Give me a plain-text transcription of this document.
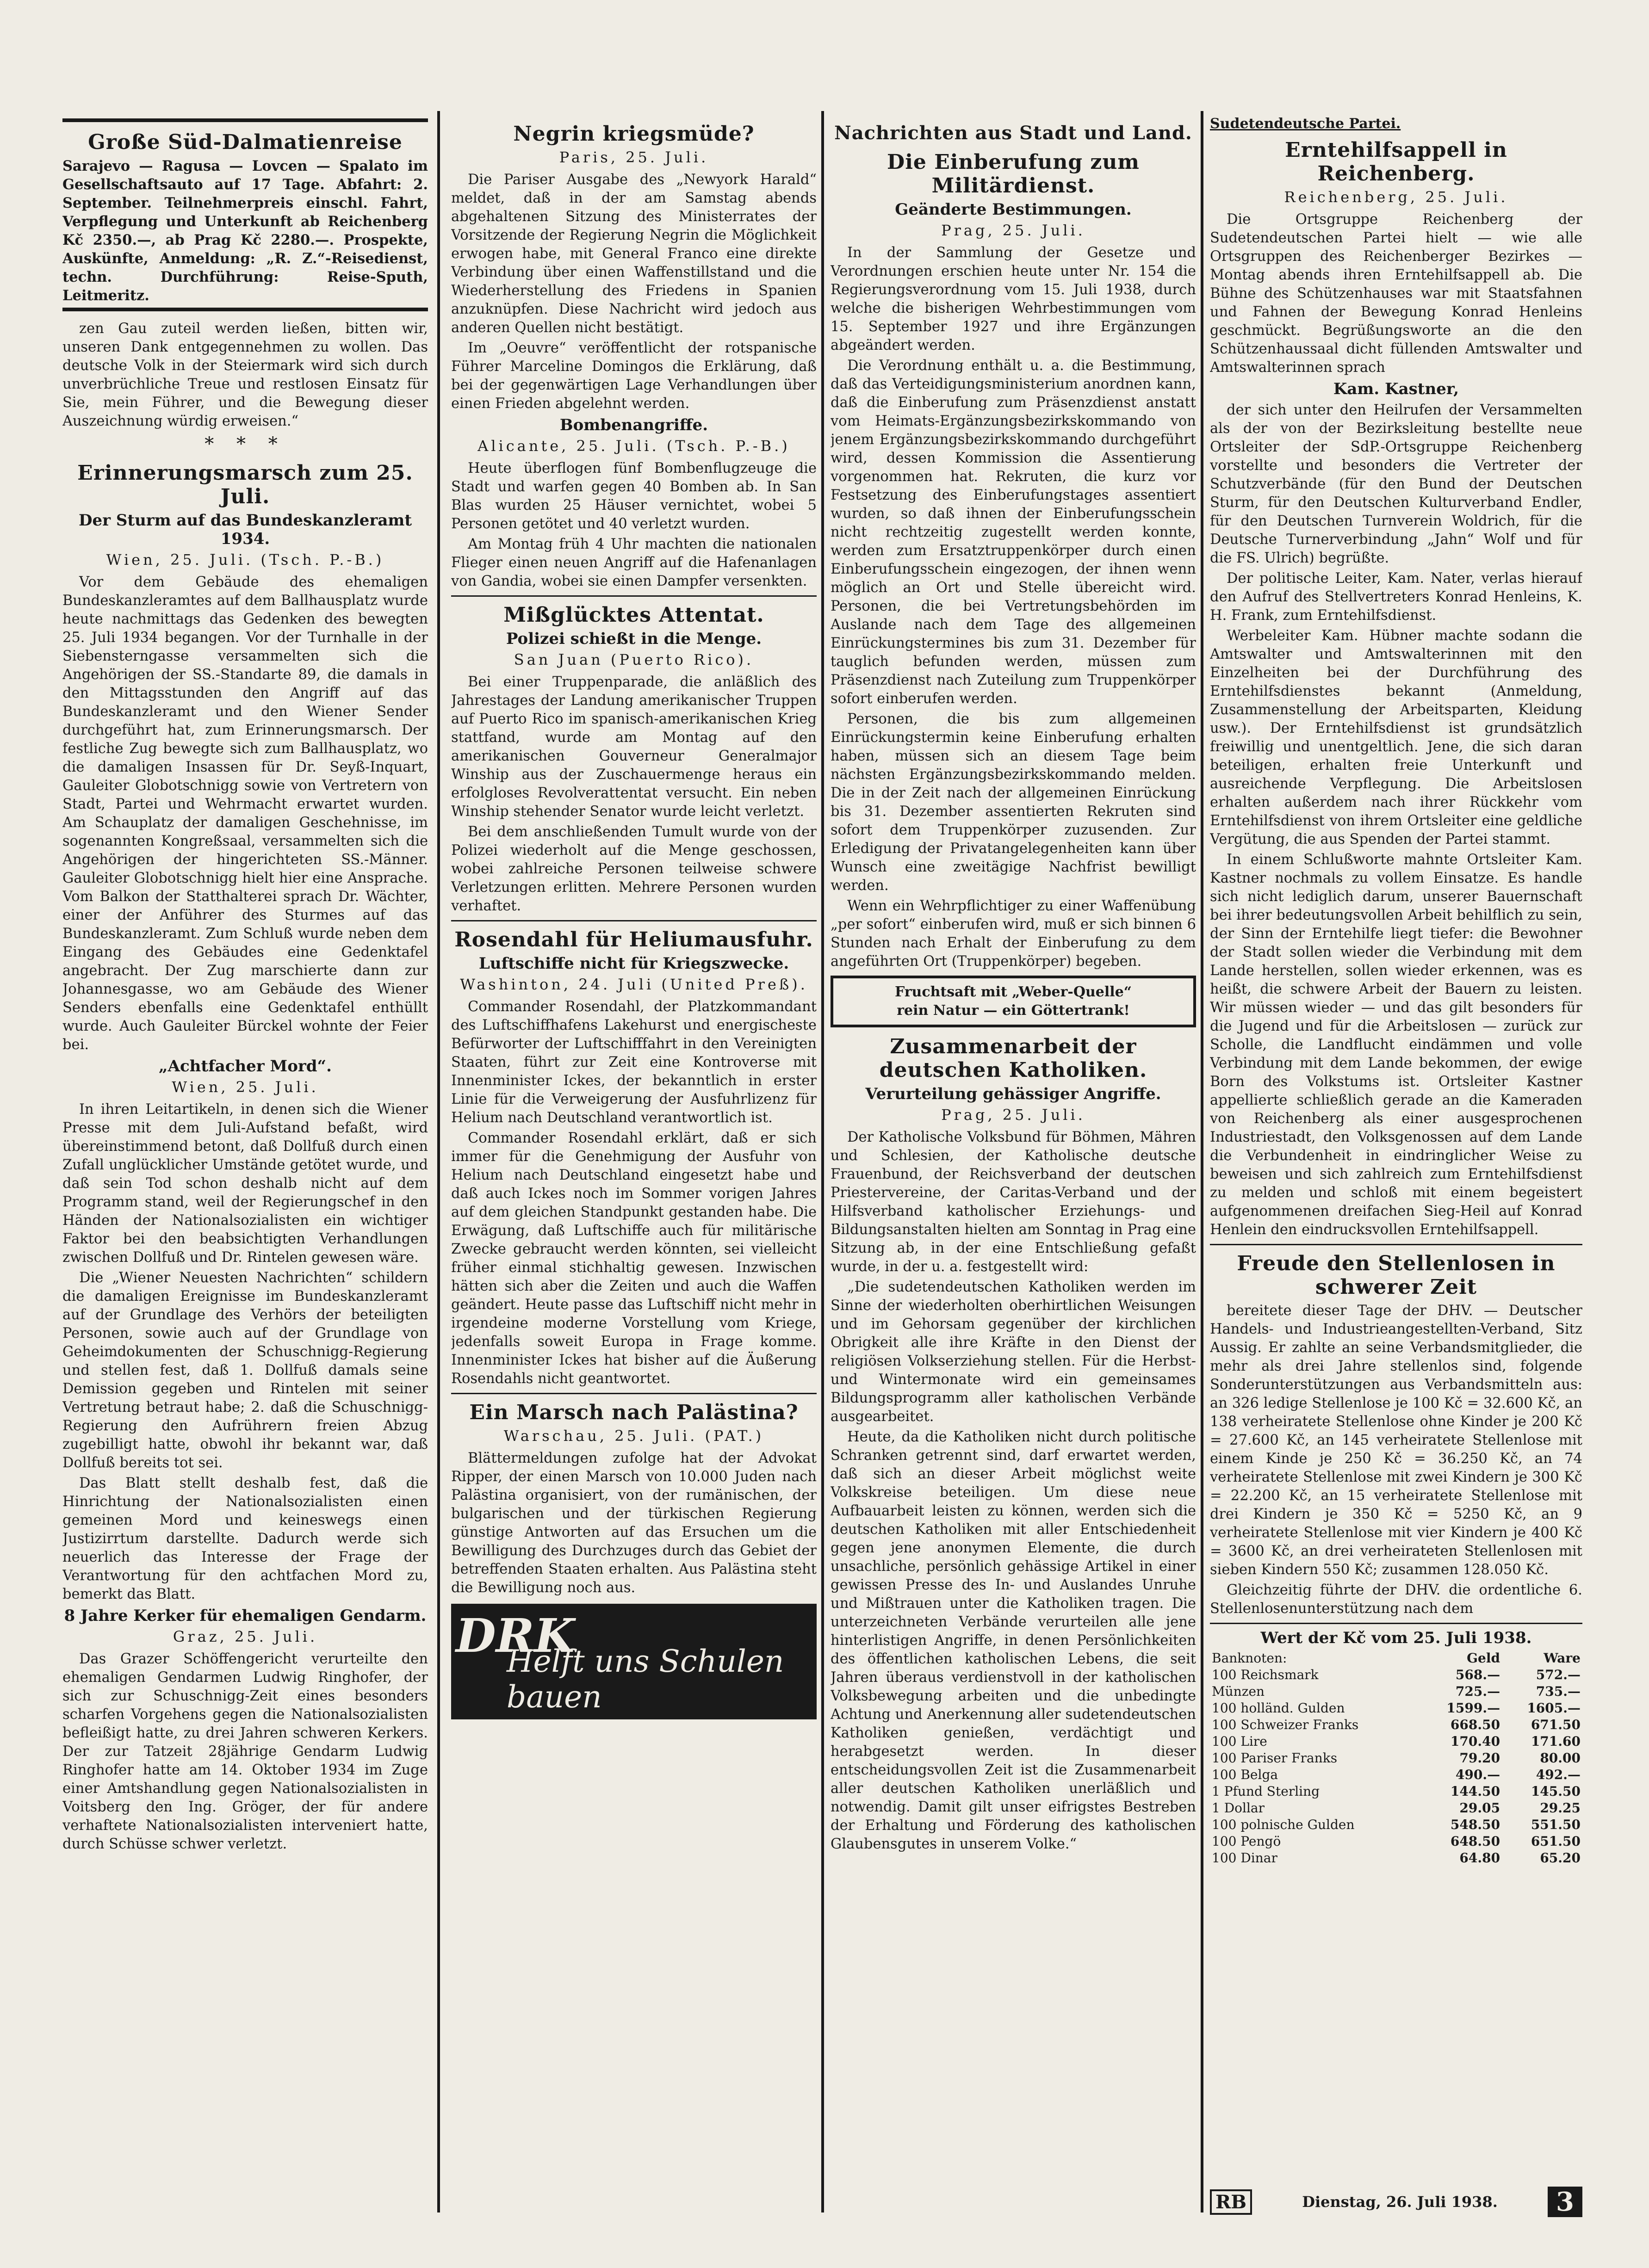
Große Süd-Dalmatienreise

Sarajevo — Ragusa — Lovcen — Spalato im Gesellschaftsauto auf 17 Tage. Abfahrt: 2. September. Teilnehmerpreis einschl. Fahrt, Verpflegung und Unterkunft ab Reichenberg Kč 2350.—, ab Prag Kč 2280.—. Prospekte, Auskünfte, Anmeldung: „R. Z.“-Reisedienst, techn. Durchführung: Reise-Sputh, Leitmeritz.

zen Gau zuteil werden ließen, bitten wir, unseren Dank entgegennehmen zu wollen. Das deutsche Volk in der Steiermark wird sich durch unverbrüchliche Treue und restlosen Einsatz für Sie, mein Führer, und die Bewegung dieser Auszeichnung würdig erweisen.“

* * *
Erinnerungsmarsch zum 25. Juli.
Der Sturm auf das Bundeskanzleramt 1934.
Wien, 25. Juli. (Tsch. P.-B.)

Vor dem Gebäude des ehemaligen Bundeskanzleramtes auf dem Ballhausplatz wurde heute nachmittags das Gedenken des bewegten 25. Juli 1934 begangen. Vor der Turnhalle in der Siebensterngasse versammelten sich die Angehörigen der SS.-Standarte 89, die damals in den Mittagsstunden den Angriff auf das Bundeskanzleramt und den Wiener Sender durchgeführt hat, zum Erinnerungsmarsch. Der festliche Zug bewegte sich zum Ballhausplatz, wo die damaligen Insassen für Dr. Seyß-Inquart, Gauleiter Globotschnigg sowie von Vertretern von Stadt, Partei und Wehrmacht erwartet wurden. Am Schauplatz der damaligen Geschehnisse, im sogenannten Kongreßsaal, versammelten sich die Angehörigen der hingerichteten SS.-Männer. Gauleiter Globotschnigg hielt hier eine Ansprache. Vom Balkon der Statthalterei sprach Dr. Wächter, einer der Anführer des Sturmes auf das Bundeskanzleramt. Zum Schluß wurde neben dem Eingang des Gebäudes eine Gedenktafel angebracht. Der Zug marschierte dann zur Johannesgasse, wo am Gebäude des Wiener Senders ebenfalls eine Gedenktafel enthüllt wurde. Auch Gauleiter Bürckel wohnte der Feier bei.

„Achtfacher Mord“.
Wien, 25. Juli.

In ihren Leitartikeln, in denen sich die Wiener Presse mit dem Juli-Aufstand befaßt, wird übereinstimmend betont, daß Dollfuß durch einen Zufall unglücklicher Umstände getötet wurde, und daß sein Tod schon deshalb nicht auf dem Programm stand, weil der Regierungschef in den Händen der Nationalsozialisten ein wichtiger Faktor bei den beabsichtigten Verhandlungen zwischen Dollfuß und Dr. Rintelen gewesen wäre.

Die „Wiener Neuesten Nachrichten“ schildern die damaligen Ereignisse im Bundeskanzleramt auf der Grundlage des Verhörs der beteiligten Personen, sowie auch auf der Grundlage von Geheimdokumenten der Schuschnigg-Regierung und stellen fest, daß 1. Dollfuß damals seine Demission gegeben und Rintelen mit seiner Vertretung betraut habe; 2. daß die Schuschnigg-Regierung den Aufrührern freien Abzug zugebilligt hatte, obwohl ihr bekannt war, daß Dollfuß bereits tot sei.

Das Blatt stellt deshalb fest, daß die Hinrichtung der Nationalsozialisten einen gemeinen Mord und keineswegs einen Justizirrtum darstellte. Dadurch werde sich neuerlich das Interesse der Frage der Verantwortung für den achtfachen Mord zu, bemerkt das Blatt.

8 Jahre Kerker für ehemaligen Gendarm.
Graz, 25. Juli.

Das Grazer Schöffengericht verurteilte den ehemaligen Gendarmen Ludwig Ringhofer, der sich zur Schuschnigg-Zeit eines besonders scharfen Vorgehens gegen die Nationalsozialisten befleißigt hatte, zu drei Jahren schweren Kerkers. Der zur Tatzeit 28jährige Gendarm Ludwig Ringhofer hatte am 14. Oktober 1934 im Zuge einer Amtshandlung gegen Nationalsozialisten in Voitsberg den Ing. Gröger, der für andere verhaftete Nationalsozialisten interveniert hatte, durch Schüsse schwer verletzt.

Negrin kriegsmüde?
Paris, 25. Juli.

Die Pariser Ausgabe des „Newyork Harald“ meldet, daß in der am Samstag abends abgehaltenen Sitzung des Ministerrates der Vorsitzende der Regierung Negrin die Möglichkeit erwogen habe, mit General Franco eine direkte Verbindung über einen Waffenstillstand und die Wiederherstellung des Friedens in Spanien anzuknüpfen. Diese Nachricht wird jedoch aus anderen Quellen nicht bestätigt.

Im „Oeuvre“ veröffentlicht der rotspanische Führer Marceline Domingos die Erklärung, daß bei der gegenwärtigen Lage Verhandlungen über einen Frieden abgelehnt werden.

Bombenangriffe.
Alicante, 25. Juli. (Tsch. P.-B.)

Heute überflogen fünf Bombenflugzeuge die Stadt und warfen gegen 40 Bomben ab. In San Blas wurden 25 Häuser vernichtet, wobei 5 Personen getötet und 40 verletzt wurden.

Am Montag früh 4 Uhr machten die nationalen Flieger einen neuen Angriff auf die Hafenanlagen von Gandia, wobei sie einen Dampfer versenkten.

Mißglücktes Attentat.
Polizei schießt in die Menge.
San Juan (Puerto Rico).

Bei einer Truppenparade, die anläßlich des Jahrestages der Landung amerikanischer Truppen auf Puerto Rico im spanisch-amerikanischen Krieg stattfand, wurde am Montag auf den amerikanischen Gouverneur Generalmajor Winship aus der Zuschauermenge heraus ein erfolgloses Revolverattentat versucht. Ein neben Winship stehender Senator wurde leicht verletzt.

Bei dem anschließenden Tumult wurde von der Polizei wiederholt auf die Menge geschossen, wobei zahlreiche Personen teilweise schwere Verletzungen erlitten. Mehrere Personen wurden verhaftet.

Rosendahl für Heliumausfuhr.
Luftschiffe nicht für Kriegszwecke.
Washinton, 24. Juli (United Preß).

Commander Rosendahl, der Platzkommandant des Luftschiffhafens Lakehurst und energischeste Befürworter der Luftschifffahrt in den Vereinigten Staaten, führt zur Zeit eine Kontroverse mit Innenminister Ickes, der bekanntlich in erster Linie für die Verweigerung der Ausfuhrlizenz für Helium nach Deutschland verantwortlich ist.

Commander Rosendahl erklärt, daß er sich immer für die Genehmigung der Ausfuhr von Helium nach Deutschland eingesetzt habe und daß auch Ickes noch im Sommer vorigen Jahres auf dem gleichen Standpunkt gestanden habe. Die Erwägung, daß Luftschiffe auch für militärische Zwecke gebraucht werden könnten, sei vielleicht früher einmal stichhaltig gewesen. Inzwischen hätten sich aber die Zeiten und auch die Waffen geändert. Heute passe das Luftschiff nicht mehr in irgendeine moderne Vorstellung vom Kriege, jedenfalls soweit Europa in Frage komme. Innenminister Ickes hat bisher auf die Äußerung Rosendahls nicht geantwortet.

Ein Marsch nach Palästina?
Warschau, 25. Juli. (PAT.)

Blättermeldungen zufolge hat der Advokat Ripper, der einen Marsch von 10.000 Juden nach Palästina organisiert, von der rumänischen, der bulgarischen und der türkischen Regierung günstige Antworten auf das Ersuchen um die Bewilligung des Durchzuges durch das Gebiet der betreffenden Staaten erhalten. Aus Palästina steht die Bewilligung noch aus.

DRK
Helft uns Schulen bauen
Nachrichten aus Stadt und Land.
Die Einberufung zum Militärdienst.
Geänderte Bestimmungen.
Prag, 25. Juli.

In der Sammlung der Gesetze und Verordnungen erschien heute unter Nr. 154 die Regierungsverordnung vom 15. Juli 1938, durch welche die bisherigen Wehrbestimmungen vom 15. September 1927 und ihre Ergänzungen abgeändert werden.

Die Verordnung enthält u. a. die Bestimmung, daß das Verteidigungsministerium anordnen kann, daß die Einberufung zum Präsenzdienst anstatt vom Heimats-Ergänzungsbezirkskommando von jenem Ergänzungsbezirkskommando durchgeführt wird, dessen Kommission die Assentierung vorgenommen hat. Rekruten, die kurz vor Festsetzung des Einberufungstages assentiert wurden, so daß ihnen der Einberufungsschein nicht rechtzeitig zugestellt werden konnte, werden zum Ersatztruppenkörper durch einen Einberufungsschein eingezogen, der ihnen wenn möglich an Ort und Stelle übereicht wird. Personen, die bei Vertretungsbehörden im Auslande nach dem Tage des allgemeinen Einrückungstermines bis zum 31. Dezember für tauglich befunden werden, müssen zum Präsenzdienst nach Zuteilung zum Truppenkörper sofort einberufen werden.

Personen, die bis zum allgemeinen Einrückungstermin keine Einberufung erhalten haben, müssen sich an diesem Tage beim nächsten Ergänzungsbezirkskommando melden. Die in der Zeit nach der allgemeinen Einrückung bis 31. Dezember assentierten Rekruten sind sofort dem Truppenkörper zuzusenden. Zur Erledigung der Privatangelegenheiten kann über Wunsch eine zweitägige Nachfrist bewilligt werden.

Wenn ein Wehrpflichtiger zu einer Waffenübung „per sofort“ einberufen wird, muß er sich binnen 6 Stunden nach Erhalt der Einberufung zu dem angeführten Ort (Truppenkörper) begeben.

Fruchtsaft mit „Weber-Quelle“
rein Natur — ein Göttertrank!
Zusammenarbeit der deutschen Katholiken.
Verurteilung gehässiger Angriffe.
Prag, 25. Juli.

Der Katholische Volksbund für Böhmen, Mähren und Schlesien, der Katholische deutsche Frauenbund, der Reichsverband der deutschen Priestervereine, der Caritas-Verband und der Hilfsverband katholischer Erziehungs- und Bildungsanstalten hielten am Sonntag in Prag eine Sitzung ab, in der eine Entschließung gefaßt wurde, in der u. a. festgestellt wird:

„Die sudetendeutschen Katholiken werden im Sinne der wiederholten oberhirtlichen Weisungen und im Gehorsam gegenüber der kirchlichen Obrigkeit alle ihre Kräfte in den Dienst der religiösen Volkserziehung stellen. Für die Herbst- und Wintermonate wird ein gemeinsames Bildungsprogramm aller katholischen Verbände ausgearbeitet.

Heute, da die Katholiken nicht durch politische Schranken getrennt sind, darf erwartet werden, daß sich an dieser Arbeit möglichst weite Volkskreise beteiligen. Um diese neue Aufbauarbeit leisten zu können, werden sich die deutschen Katholiken mit aller Entschiedenheit gegen jene anonymen Elemente, die durch unsachliche, persönlich gehässige Artikel in einer gewissen Presse des In- und Auslandes Unruhe und Mißtrauen unter die Katholiken tragen. Die unterzeichneten Verbände verurteilen alle jene hinterlistigen Angriffe, in denen Persönlichkeiten des öffentlichen katholischen Lebens, die seit Jahren überaus verdienstvoll in der katholischen Volksbewegung arbeiten und die unbedingte Achtung und Anerkennung aller sudetendeutschen Katholiken genießen, verdächtigt und herabgesetzt werden. In dieser entscheidungsvollen Zeit ist die Zusammenarbeit aller deutschen Katholiken unerläßlich und notwendig. Damit gilt unser eifrigstes Bestreben der Erhaltung und Förderung des katholischen Glaubensgutes in unserem Volke.“

Sudetendeutsche Partei.
Erntehilfsappell in Reichenberg.
Reichenberg, 25. Juli.

Die Ortsgruppe Reichenberg der Sudetendeutschen Partei hielt — wie alle Ortsgruppen des Reichenberger Bezirkes — Montag abends ihren Erntehilfsappell ab. Die Bühne des Schützenhauses war mit Staatsfahnen und Fahnen der Bewegung Konrad Henleins geschmückt. Begrüßungsworte an die den Schützenhaussaal dicht füllenden Amtswalter und Amtswalterinnen sprach

Kam. Kastner,

der sich unter den Heilrufen der Versammelten als der von der Bezirksleitung bestellte neue Ortsleiter der SdP.-Ortsgruppe Reichenberg vorstellte und besonders die Vertreter der Schutzverbände (für den Bund der Deutschen Sturm, für den Deutschen Kulturverband Endler, für den Deutschen Turnverein Woldrich, für die Deutsche Turnerverbindung „Jahn“ Wolf und für die FS. Ulrich) begrüßte.

Der politische Leiter, Kam. Nater, verlas hierauf den Aufruf des Stellvertreters Konrad Henleins, K. H. Frank, zum Erntehilfsdienst.

Werbeleiter Kam. Hübner machte sodann die Amtswalter und Amtswalterinnen mit den Einzelheiten bei der Durchführung des Erntehilfsdienstes bekannt (Anmeldung, Zusammenstellung der Arbeitsparten, Kleidung usw.). Der Erntehilfsdienst ist grundsätzlich freiwillig und unentgeltlich. Jene, die sich daran beteiligen, erhalten freie Unterkunft und ausreichende Verpflegung. Die Arbeitslosen erhalten außerdem nach ihrer Rückkehr vom Erntehilfsdienst von ihrem Ortsleiter eine geldliche Vergütung, die aus Spenden der Partei stammt.

In einem Schlußworte mahnte Ortsleiter Kam. Kastner nochmals zu vollem Einsatze. Es handle sich nicht lediglich darum, unserer Bauernschaft bei ihrer bedeutungsvollen Arbeit behilflich zu sein, der Sinn der Erntehilfe liegt tiefer: die Bewohner der Stadt sollen wieder die Verbindung mit dem Lande herstellen, sollen wieder erkennen, was es heißt, die schwere Arbeit der Bauern zu leisten. Wir müssen wieder — und das gilt besonders für die Jugend und für die Arbeitslosen — zurück zur Scholle, die Landflucht eindämmen und volle Verbindung mit dem Lande bekommen, der ewige Born des Volkstums ist. Ortsleiter Kastner appellierte schließlich gerade an die Kameraden von Reichenberg als einer ausgesprochenen Industriestadt, den Volksgenossen auf dem Lande die Verbundenheit in eindringlicher Weise zu beweisen und sich zahlreich zum Erntehilfsdienst zu melden und schloß mit einem begeistert aufgenommenen dreifachen Sieg-Heil auf Konrad Henlein den eindrucksvollen Erntehilfsappell.

Freude den Stellenlosen in schwerer Zeit

bereitete dieser Tage der DHV. — Deutscher Handels- und Industrieangestellten-Verband, Sitz Aussig. Er zahlte an seine Verbandsmitglieder, die mehr als drei Jahre stellenlos sind, folgende Sonderunterstützungen aus Verbandsmitteln aus: an 326 ledige Stellenlose je 100 Kč = 32.600 Kč, an 138 verheiratete Stellenlose ohne Kinder je 200 Kč = 27.600 Kč, an 145 verheiratete Stellenlose mit einem Kinde je 250 Kč = 36.250 Kč, an 74 verheiratete Stellenlose mit zwei Kindern je 300 Kč = 22.200 Kč, an 15 verheiratete Stellenlose mit drei Kindern je 350 Kč = 5250 Kč, an 9 verheiratete Stellenlose mit vier Kindern je 400 Kč = 3600 Kč, an drei verheirateten Stellenlosen mit sieben Kindern 550 Kč; zusammen 128.050 Kč.

Gleichzeitig führte der DHV. die ordentliche 6. Stellenlosenunterstützung nach dem

Wert der Kč vom 25. Juli 1938.
Banknoten:	Geld	Ware
100 Reichsmark	568.—	572.—
Münzen	725.—	735.—
100 holländ. Gulden	1599.—	1605.—
100 Schweizer Franks	668.50	671.50
100 Lire	170.40	171.60
100 Pariser Franks	79.20	80.00
100 Belga	490.—	492.—
1 Pfund Sterling	144.50	145.50
1 Dollar	29.05	29.25
100 polnische Gulden	548.50	551.50
100 Pengö	648.50	651.50
100 Dinar	64.80	65.20
RB	Dienstag, 26. Juli 1938.	3
